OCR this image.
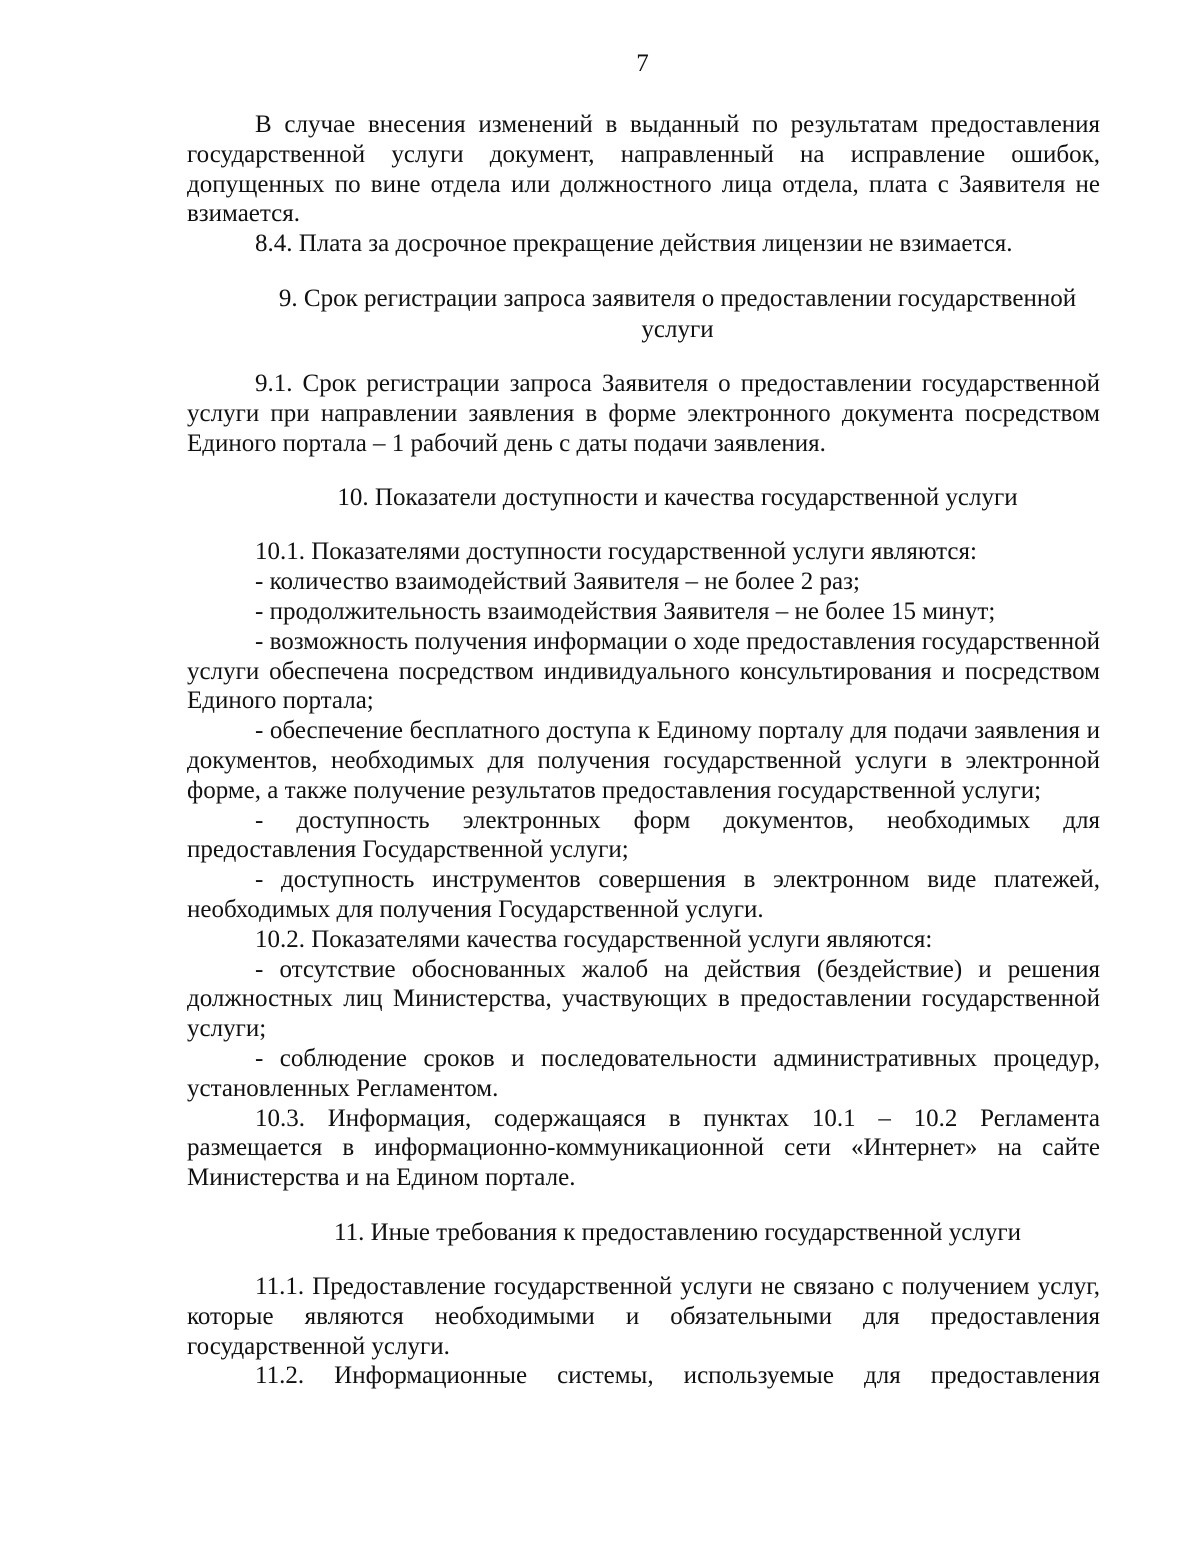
7

В случае внесения изменений в выданный по результатам предоставления государственной услуги документ, направленный на исправление ошибок, допущенных по вине отдела или должностного лица отдела, плата с Заявителя не взимается.

8.4. Плата за досрочное прекращение действия лицензии не взимается.

9. Срок регистрации запроса заявителя о предоставлении государственной услуги

9.1. Срок регистрации запроса Заявителя о предоставлении государственной услуги при направлении заявления в форме электронного документа посредством Единого портала – 1 рабочий день с даты подачи заявления.

10. Показатели доступности и качества государственной услуги

10.1. Показателями доступности государственной услуги являются:

- количество взаимодействий Заявителя – не более 2 раз;

- продолжительность взаимодействия Заявителя – не более 15 минут;

- возможность получения информации о ходе предоставления государственной услуги обеспечена посредством индивидуального консультирования и посредством Единого портала;

- обеспечение бесплатного доступа к Единому порталу для подачи заявления и документов, необходимых для получения государственной услуги в электронной форме, а также получение результатов предоставления государственной услуги;

- доступность электронных форм документов, необходимых для предоставления Государственной услуги;

- доступность инструментов совершения в электронном виде платежей, необходимых для получения Государственной услуги.

10.2. Показателями качества государственной услуги являются:

- отсутствие обоснованных жалоб на действия (бездействие) и решения должностных лиц Министерства, участвующих в предоставлении государственной услуги;

- соблюдение сроков и последовательности административных процедур, установленных Регламентом.

10.3. Информация, содержащаяся в пунктах 10.1 – 10.2 Регламента размещается в информационно-коммуникационной сети «Интернет» на сайте Министерства и на Едином портале.

11. Иные требования к предоставлению государственной услуги

11.1. Предоставление государственной услуги не связано с получением услуг, которые являются необходимыми и обязательными для предоставления государственной услуги.

11.2. Информационные системы, используемые для предоставления
